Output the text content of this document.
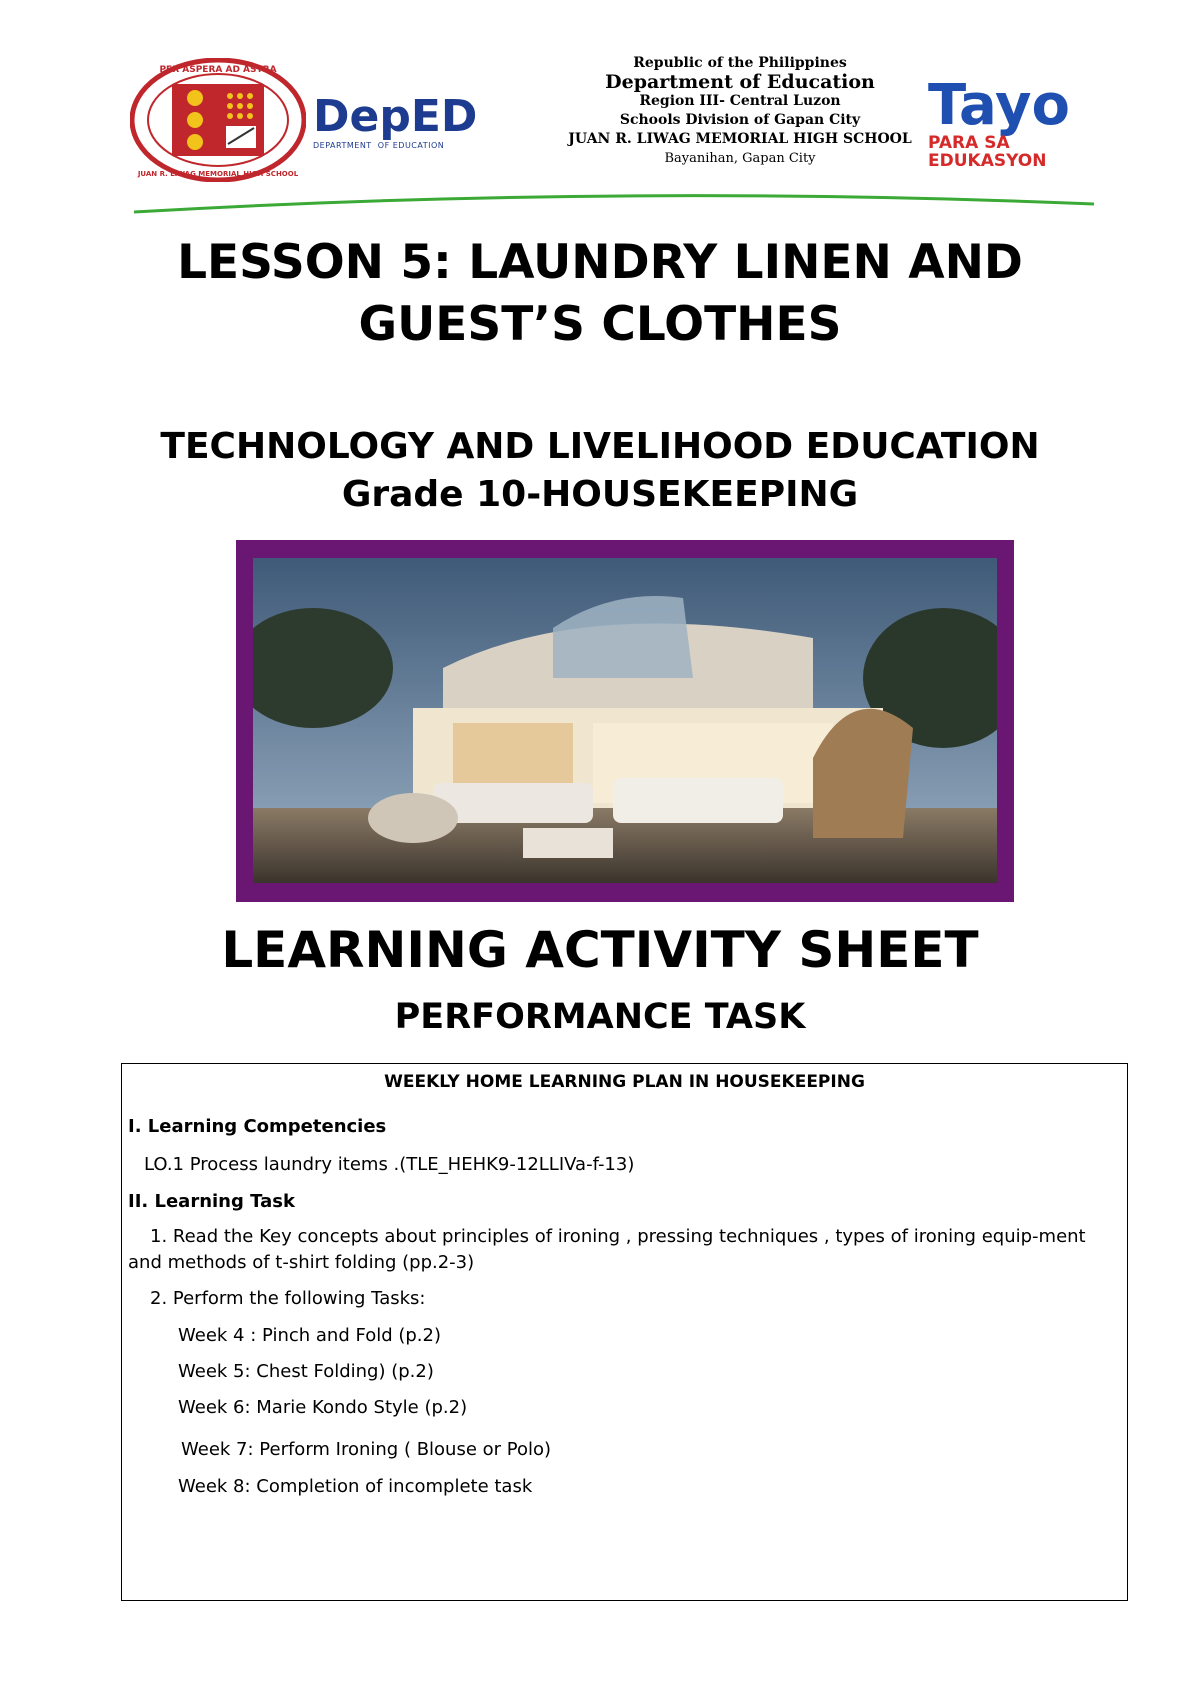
PER ASPERA AD ASTRA
JUAN R. LIWAG MEMORIAL HIGH SCHOOL
DepED
DEPARTMENT OF EDUCATION
Republic of the Philippines
Department of Education
Region III- Central Luzon
Schools Division of Gapan City
JUAN R. LIWAG MEMORIAL HIGH SCHOOL
Bayanihan, Gapan City
Tayo
PARA SA
EDUKASYON
LESSON 5: LAUNDRY LINEN AND
GUEST’S CLOTHES
TECHNOLOGY AND LIVELIHOOD EDUCATION
Grade 10-HOUSEKEEPING
LEARNING ACTIVITY SHEET
PERFORMANCE TASK
WEEKLY HOME LEARNING PLAN IN HOUSEKEEPING
I. Learning Competencies
LO.1 Process laundry items .(TLE_HEHK9-12LLIVa-f-13)
II. Learning Task
1. Read the Key concepts about principles of ironing , pressing techniques , types of ironing equip-ment and methods of t-shirt folding (pp.2-3)
2. Perform the following Tasks:
Week 4 : Pinch and Fold (p.2)
Week 5: Chest Folding) (p.2)
Week 6: Marie Kondo Style (p.2)
Week 7: Perform Ironing ( Blouse or Polo)
Week 8: Completion of incomplete task
